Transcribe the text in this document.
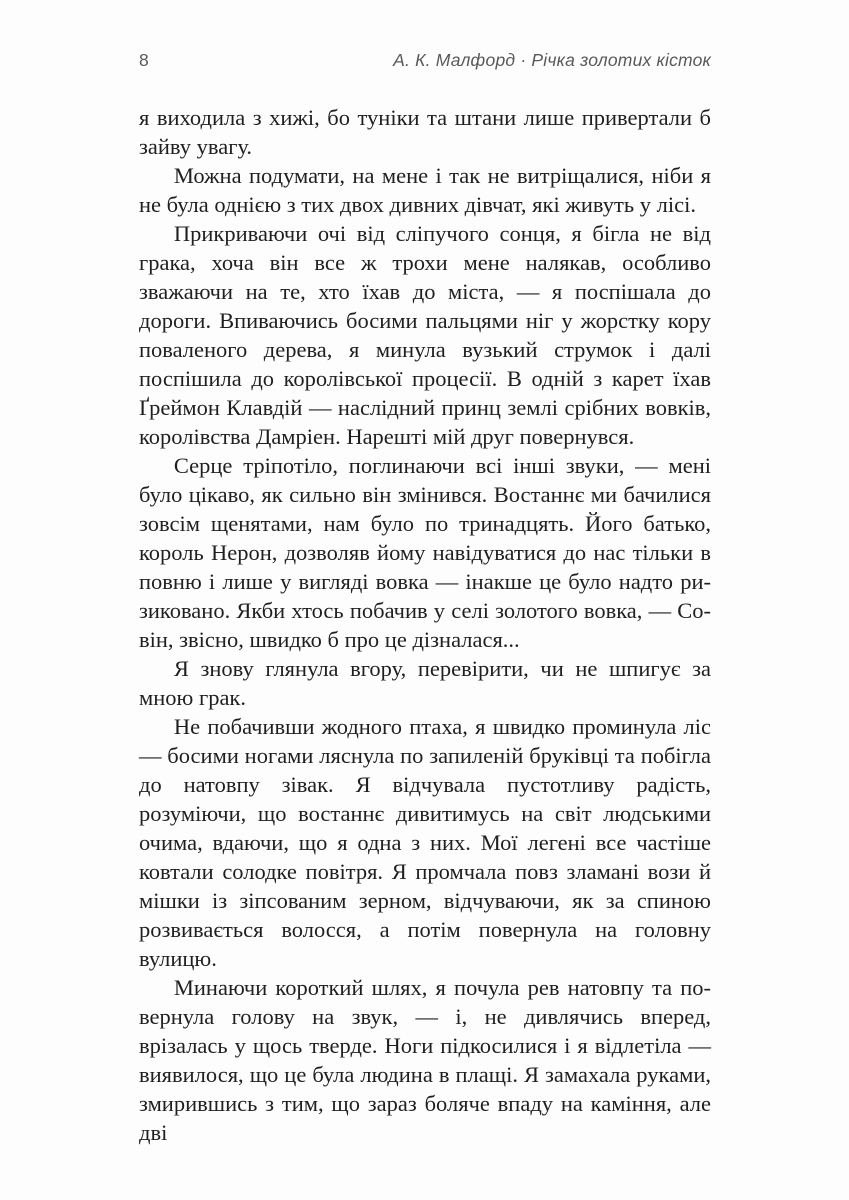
8	А. К. Малфорд · Річка золотих кісток

я виходила з хижі, бо туніки та штани лише привертали б зайву увагу.

Можна подумати, на мене і так не витріщалися, ніби я не була однією з тих двох дивних дівчат, які живуть у лісі.

Прикриваючи очі від сліпучого сонця, я бігла не від грака, хоча він все ж трохи мене налякав, особливо зважаючи на те, хто їхав до міста, — я поспішала до дороги. Впиваючись босими пальцями ніг у жорстку кору поваленого дерева, я минула вузький струмок і далі поспішила до королівської процесії. В одній з карет їхав Ґреймон Клавдій — наслідний принц землі срібних вовків, королівства Дамріен. Нарешті мій друг повернувся.

Серце тріпотіло, поглинаючи всі інші звуки, — мені було цікаво, як сильно він змінився. Востаннє ми бачилися зовсім щенятами, нам було по тринадцять. Його батько, король Нерон, дозволяв йому навідуватися до нас тільки в повню і лише у вигляді вовка — інакше це було надто ризиковано. Якби хтось побачив у селі золотого вовка, — Совін, звісно, швидко б про це дізналася...

Я знову глянула вгору, перевірити, чи не шпигує за мною грак.

Не побачивши жодного птаха, я швидко проминула ліс — босими ногами ляснула по запиленій бруківці та побігла до натовпу зівак. Я відчувала пустотливу радість, розуміючи, що востаннє дивитимусь на світ людськими очима, вдаючи, що я одна з них. Мої легені все частіше ковтали солодке повітря. Я промчала повз зламані вози й мішки із зіпсованим зерном, відчуваючи, як за спиною розвивається волосся, а потім повернула на головну вулицю.

Минаючи короткий шлях, я почула рев натовпу та повернула голову на звук, — і, не дивлячись вперед, врізалась у щось тверде. Ноги підкосилися і я відлетіла — виявилося, що це була людина в плащі. Я замахала руками, змирившись з тим, що зараз боляче впаду на каміння, але дві
